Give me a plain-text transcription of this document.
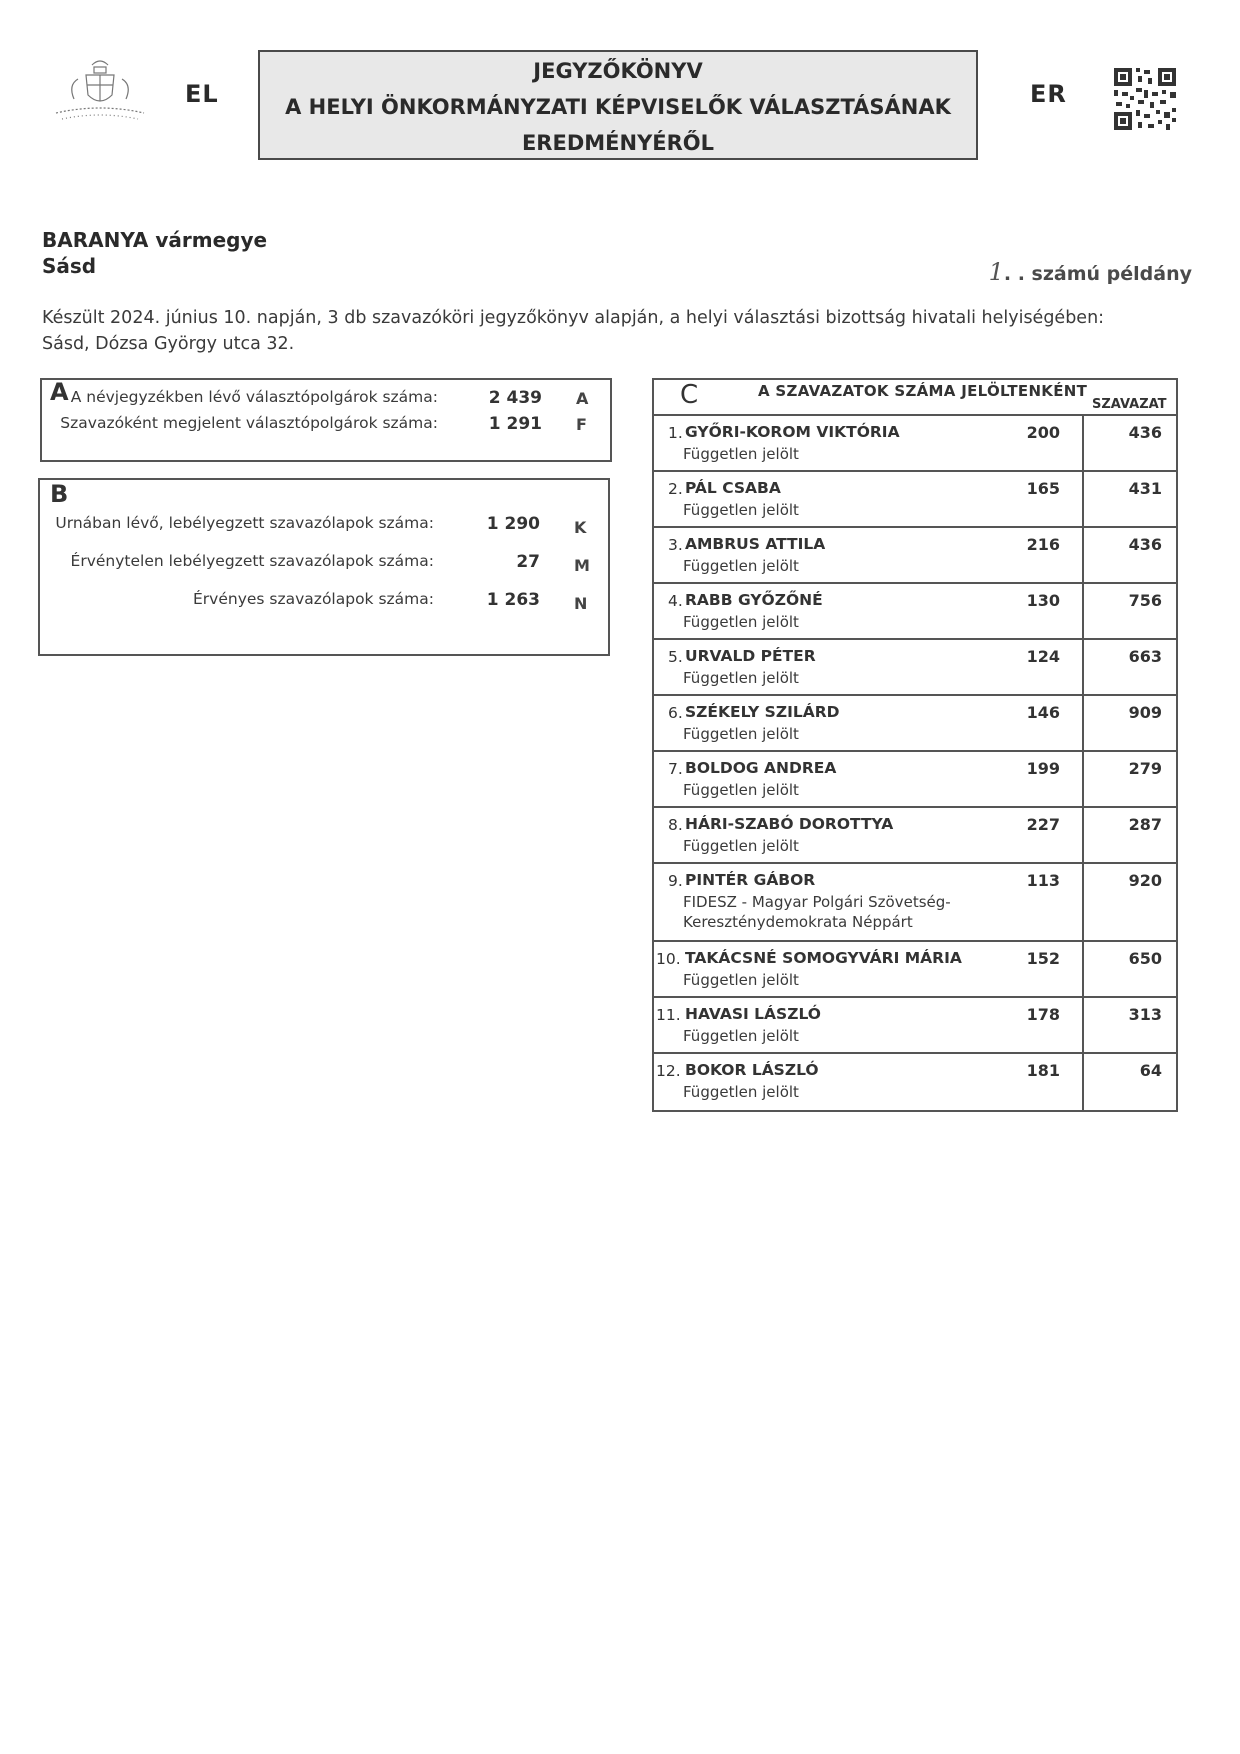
EL
JEGYZŐKÖNYV
A HELYI ÖNKORMÁNYZATI KÉPVISELŐK VÁLASZTÁSÁNAK
EREDMÉNYÉRŐL
ER
BARANYA vármegye
Sásd	1. . számú példány
Készült 2024. június 10. napján, 3 db szavazóköri jegyzőkönyv alapján, a helyi választási bizottság hivatali helyiségében:
Sásd, Dózsa György utca 32.
A A névjegyzékben lévő választópolgárok száma:	2 439 A
Szavazóként megjelent választópolgárok száma:	1 291 F
B
Urnában lévő, lebélyegzett szavazólapok száma:	1 290 K
Érvénytelen lebélyegzett szavazólapok száma:	27 M
Érvényes szavazólapok száma:	1 263 N
C	A SZAVAZATOK SZÁMA JELÖLTENKÉNT
SZAVAZAT
1. GYŐRI-KOROM VIKTÓRIA
Független jelölt
200	436
2. PÁL CSABA
Független jelölt
165	431
3. AMBRUS ATTILA
Független jelölt
216	436
4. RABB GYŐZŐNÉ
Független jelölt
130	756
5. URVALD PÉTER
Független jelölt
124	663
6. SZÉKELY SZILÁRD
Független jelölt
146	909
7. BOLDOG ANDREA
Független jelölt
199	279
8. HÁRI-SZABÓ DOROTTYA
Független jelölt
227	287
9. PINTÉR GÁBOR
FIDESZ - Magyar Polgári Szövetség-Kereszténydemokrata Néppárt
113	920
10. TAKÁCSNÉ SOMOGYVÁRI MÁRIA
Független jelölt
152	650
11. HAVASI LÁSZLÓ
Független jelölt
178	313
12. BOKOR LÁSZLÓ
Független jelölt
181	64
